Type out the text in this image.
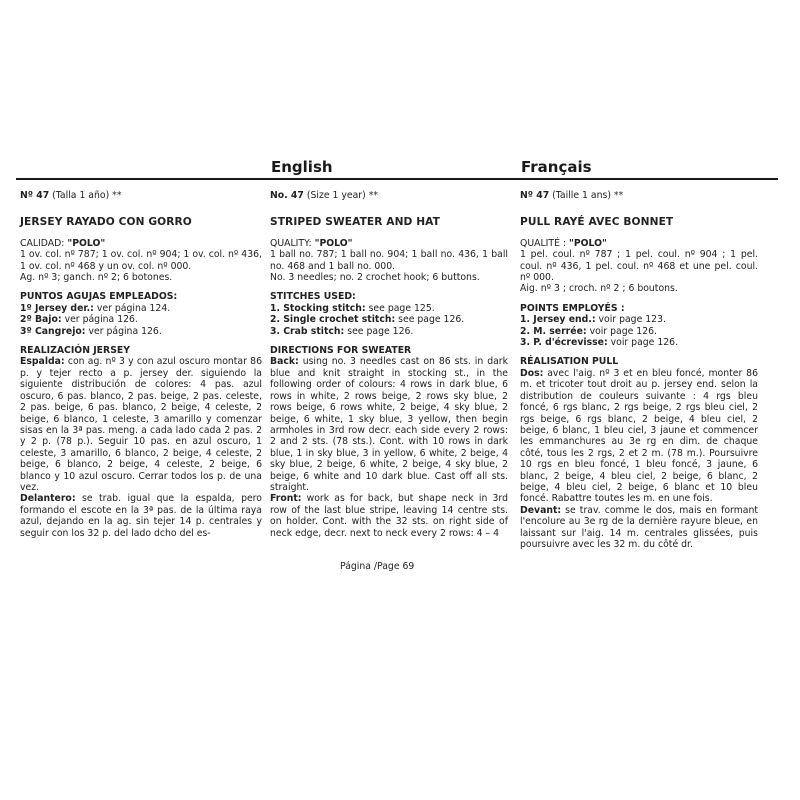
English	Français

Nº 47 (Talla 1 año) **

JERSEY RAYADO CON GORRO

CALIDAD: "POLO"

1 ov. col. nº 787; 1 ov. col. nº 904; 1 ov. col. nº 436, 1 ov. col. nº 468 y un ov. col. nº 000.

Ag. nº 3; ganch. nº 2; 6 botones.

PUNTOS AGUJAS EMPLEADOS:

1º Jersey der.: ver página 124.

2º Bajo: ver página 126.

3º Cangrejo: ver página 126.

REALIZACIÓN JERSEY

Espalda: con ag. nº 3 y con azul oscuro montar 86 p. y tejer recto a p. jersey der. siguiendo la siguiente distribución de colores: 4 pas. azul oscuro, 6 pas. blanco, 2 pas. beige, 2 pas. celeste, 2 pas. beige, 6 pas. blanco, 2 beige, 4 celeste, 2 beige, 6 blanco, 1 celeste, 3 amarillo y comenzar sisas en la 3ª pas. meng. a cada lado cada 2 pas. 2 y 2 p. (78 p.). Seguir 10 pas. en azul oscuro, 1 celeste, 3 amarillo, 6 blanco, 2 beige, 4 celeste, 2 beige, 6 blanco, 2 beige, 4 celeste, 2 beige, 6 blanco y 10 azul oscuro. Cerrar todos los p. de una vez.

Delantero: se trab. igual que la espalda, pero formando el escote en la 3ª pas. de la última raya azul, dejando en la ag. sin tejer 14 p. centrales y seguir con los 32 p. del lado dcho del es-

No. 47 (Size 1 year) **

STRIPED SWEATER AND HAT

QUALITY: "POLO"

1 ball no. 787; 1 ball no. 904; 1 ball no. 436, 1 ball no. 468 and 1 ball no. 000.

No. 3 needles; no. 2 crochet hook; 6 buttons.

STITCHES USED:

1. Stocking stitch: see page 125.

2. Single crochet stitch: see page 126.

3. Crab stitch: see page 126.

DIRECTIONS FOR SWEATER

Back: using no. 3 needles cast on 86 sts. in dark blue and knit straight in stocking st., in the following order of colours: 4 rows in dark blue, 6 rows in white, 2 rows beige, 2 rows sky blue, 2 rows beige, 6 rows white, 2 beige, 4 sky blue, 2 beige, 6 white, 1 sky blue, 3 yellow, then begin armholes in 3rd row decr. each side every 2 rows: 2 and 2 sts. (78 sts.). Cont. with 10 rows in dark blue, 1 in sky blue, 3 in yellow, 6 white, 2 beige, 4 sky blue, 2 beige, 6 white, 2 beige, 4 sky blue, 2 beige, 6 white and 10 dark blue. Cast off all sts. straight.

Front: work as for back, but shape neck in 3rd row of the last blue stripe, leaving 14 centre sts. on holder. Cont. with the 32 sts. on right side of neck edge, decr. next to neck every 2 rows: 4 – 4

Nº 47 (Taille 1 ans) **

PULL RAYÉ AVEC BONNET

QUALITÉ : "POLO"

1 pel. coul. nº 787 ; 1 pel. coul. nº 904 ; 1 pel. coul. nº 436, 1 pel. coul. nº 468 et une pel. coul. nº 000.

Aig. nº 3 ; croch. nº 2 ; 6 boutons.

POINTS EMPLOYÉS :

1. Jersey end.: voir page 123.

2. M. serrée: voir page 126.

3. P. d'écrevisse: voir page 126.

RÉALISATION PULL

Dos: avec l'aig. nº 3 et en bleu foncé, monter 86 m. et tricoter tout droit au p. jersey end. selon la distribution de couleurs suivante : 4 rgs bleu foncé, 6 rgs blanc, 2 rgs beige, 2 rgs bleu ciel, 2 rgs beige, 6 rgs blanc, 2 beige, 4 bleu ciel, 2 beige, 6 blanc, 1 bleu ciel, 3 jaune et commencer les emmanchures au 3e rg en dim. de chaque côté, tous les 2 rgs, 2 et 2 m. (78 m.). Poursuivre 10 rgs en bleu foncé, 1 bleu foncé, 3 jaune, 6 blanc, 2 beige, 4 bleu ciel, 2 beige, 6 blanc, 2 beige, 4 bleu ciel, 2 beige, 6 blanc et 10 bleu foncé. Rabattre toutes les m. en une fois.

Devant: se trav. comme le dos, mais en formant l'encolure au 3e rg de la dernière rayure bleue, en laissant sur l'aig. 14 m. centrales glissées, puis poursuivre avec les 32 m. du côté dr.

Página /Page 69
